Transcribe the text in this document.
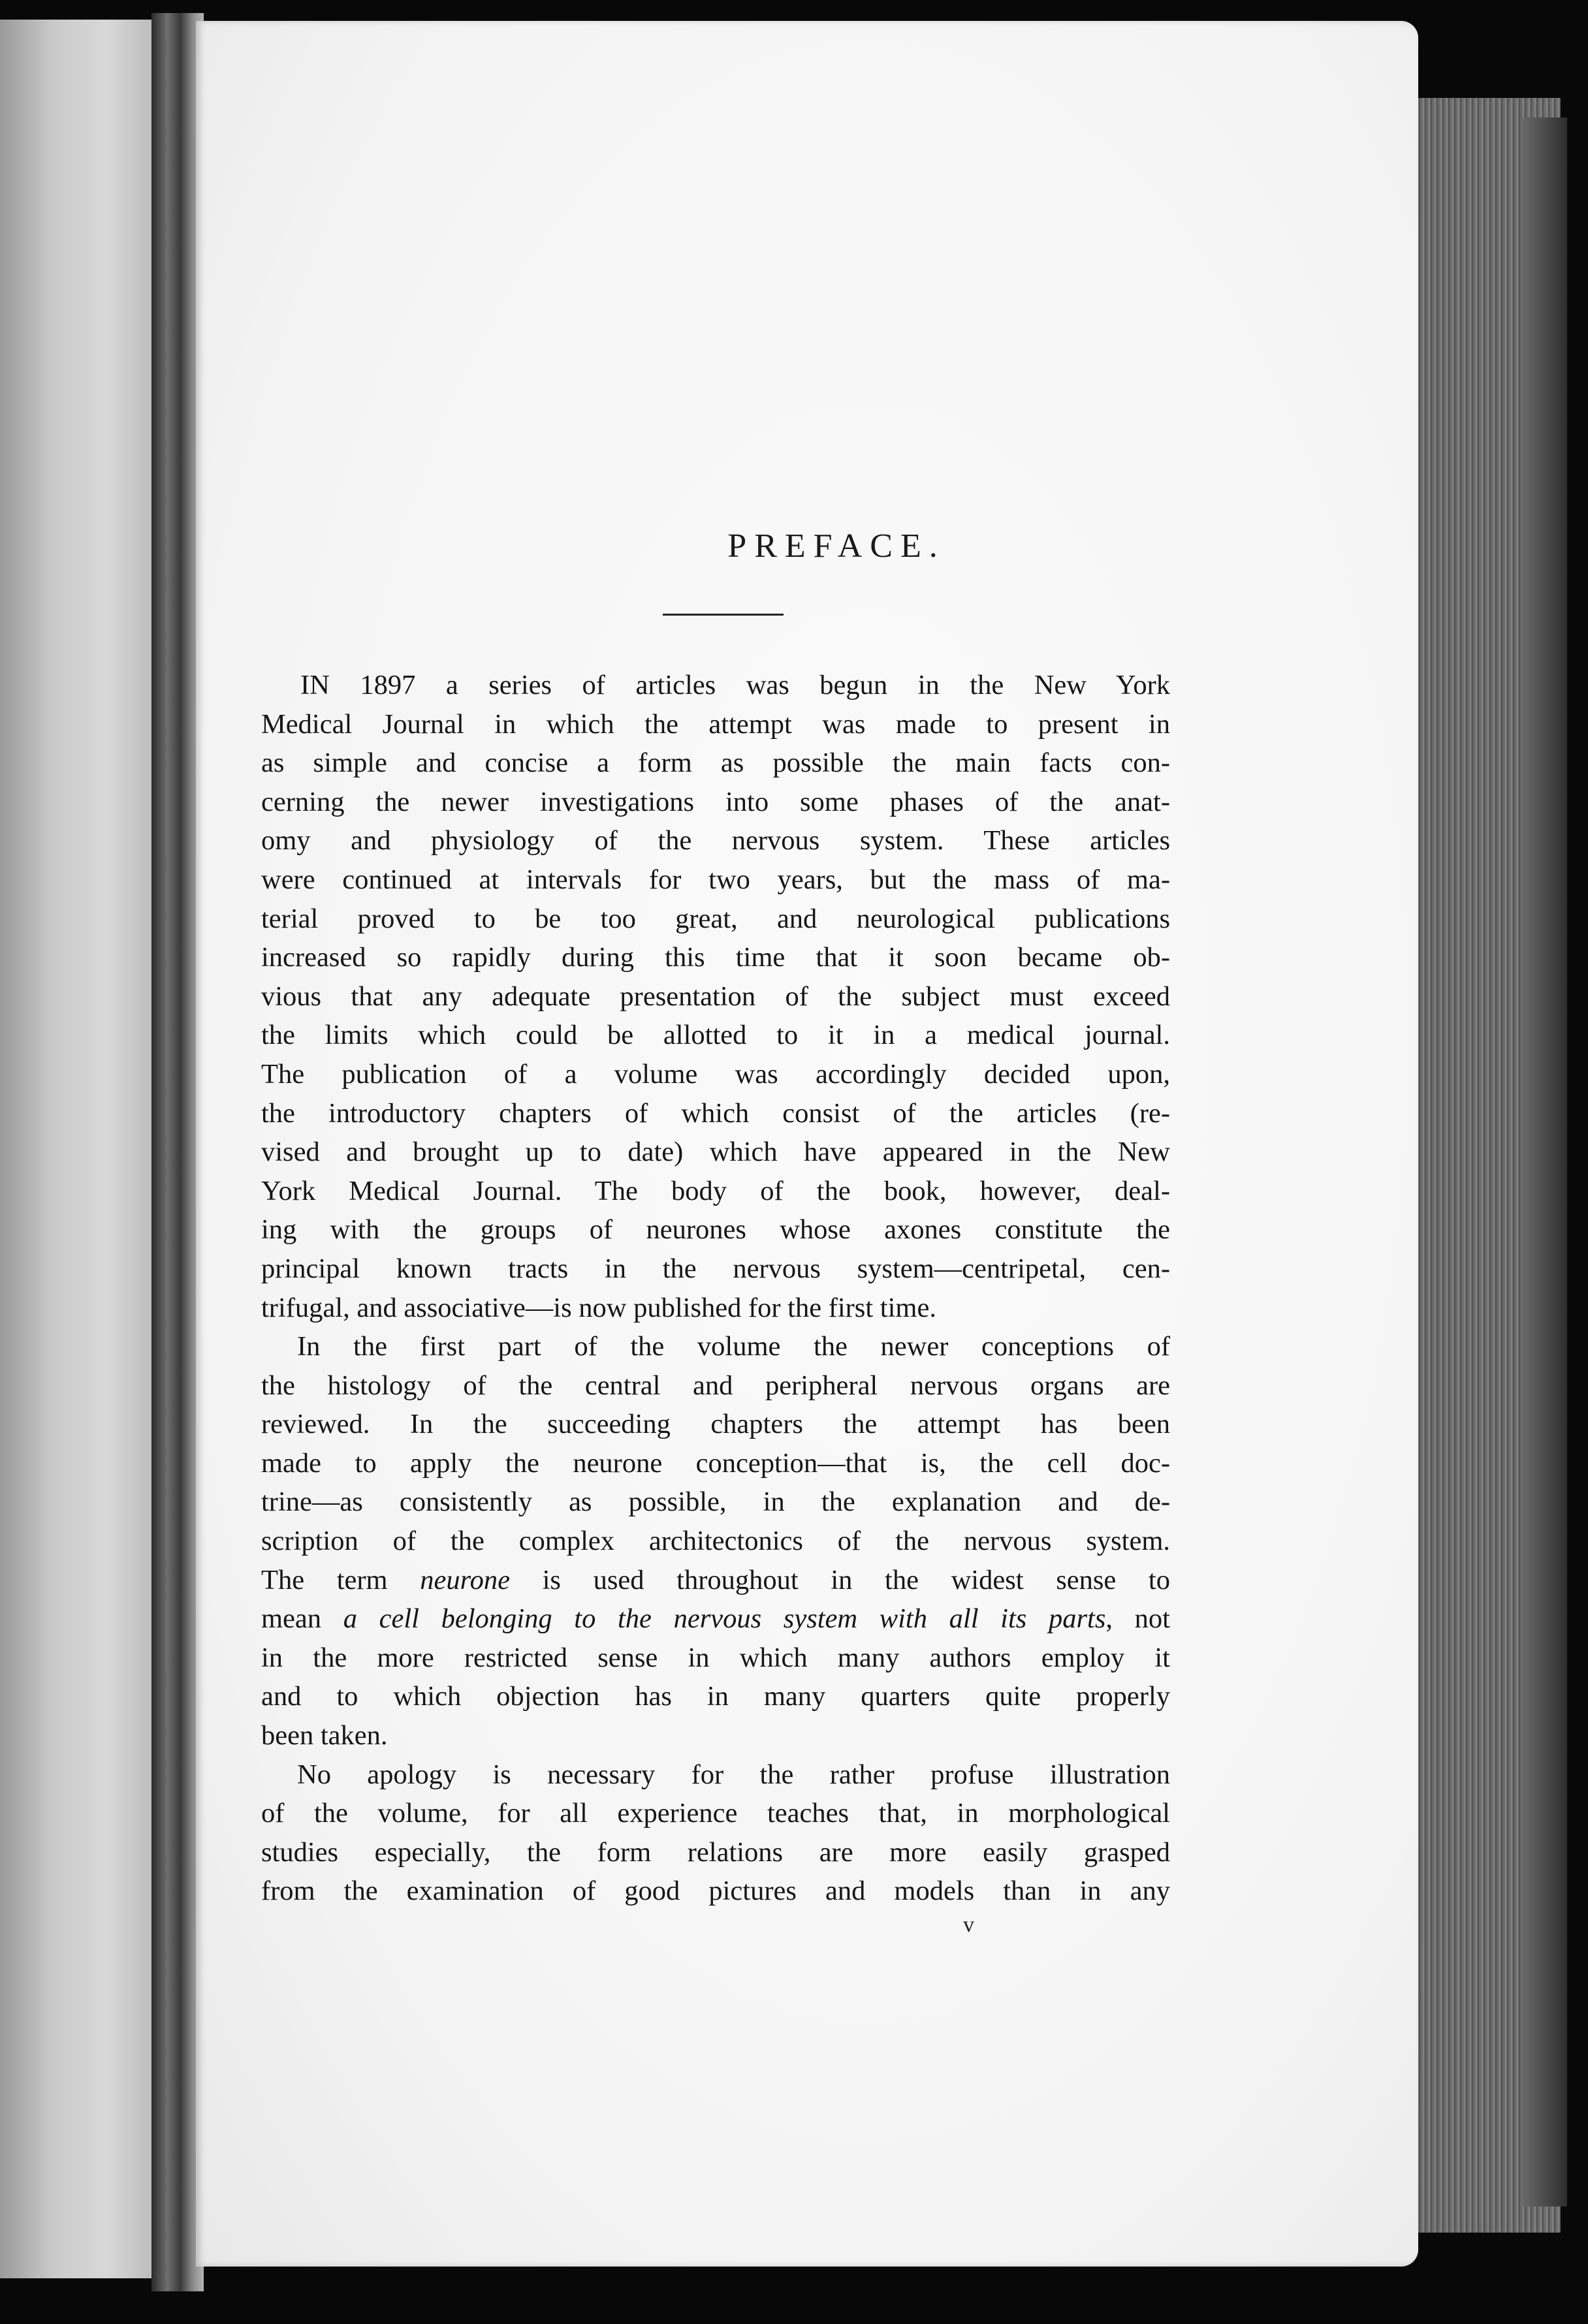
PREFACE.
IN 1897 a series of articles was begun in the New York
Medical Journal in which the attempt was made to present in
as simple and concise a form as possible the main facts con-
cerning the newer investigations into some phases of the anat-
omy and physiology of the nervous system. These articles
were continued at intervals for two years, but the mass of ma-
terial proved to be too great, and neurological publications
increased so rapidly during this time that it soon became ob-
vious that any adequate presentation of the subject must exceed
the limits which could be allotted to it in a medical journal.
The publication of a volume was accordingly decided upon,
the introductory chapters of which consist of the articles (re-
vised and brought up to date) which have appeared in the New
York Medical Journal. The body of the book, however, deal-
ing with the groups of neurones whose axones constitute the
principal known tracts in the nervous system—centripetal, cen-
trifugal, and associative—is now published for the first time.
In the first part of the volume the newer conceptions of
the histology of the central and peripheral nervous organs are
reviewed. In the succeeding chapters the attempt has been
made to apply the neurone conception—that is, the cell doc-
trine—as consistently as possible, in the explanation and de-
scription of the complex architectonics of the nervous system.
The term neurone is used throughout in the widest sense to
mean a cell belonging to the nervous system with all its parts, not
in the more restricted sense in which many authors employ it
and to which objection has in many quarters quite properly
been taken.
No apology is necessary for the rather profuse illustration
of the volume, for all experience teaches that, in morphological
studies especially, the form relations are more easily grasped
from the examination of good pictures and models than in any
v
